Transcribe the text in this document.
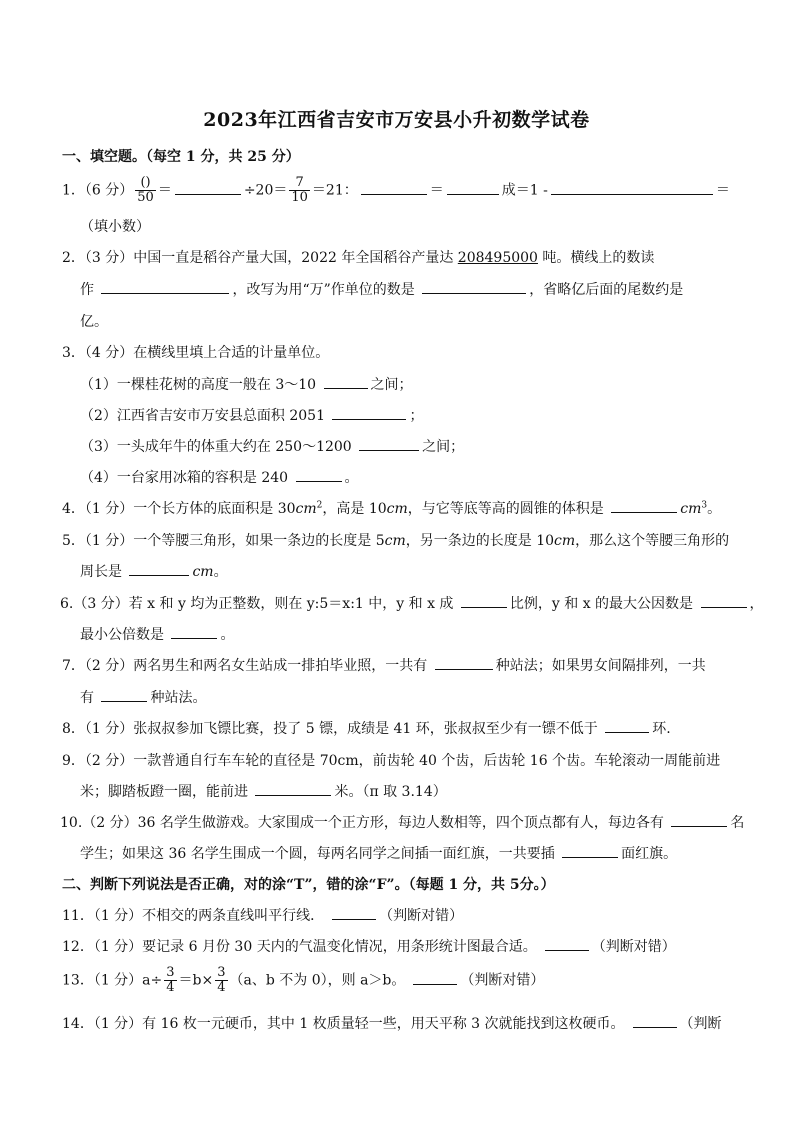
2023年江西省吉安市万安县小升初数学试卷
一、填空题。（每空 1 分，共 25 分）
1．（6 分） $\frac{()}{50}$ ＝	$\div 20= \frac{7}{10} =21$：	＝	成＝1 -	＝
（填小数）
2．（3 分）中国一直是稻谷产量大国，2022 年全国稻谷产量达 208495000 吨。横线上的数读
作	，改写为用“万”作单位的数是	，省略亿后面的尾数约是
亿。
3．（4 分）在横线里填上合适的计量单位。
（1）一棵桂花树的高度一般在 3～10	之间；
（2）江西省吉安市万安县总面积 2051	；
（3）一头成年牛的体重大约在 250～1200	之间；
（4）一台家用冰箱的容积是 240	。
4．（1 分）一个长方体的底面积是 $30cm^2$，高是 10cm，与它等底等高的圆锥的体积是	$cm^3$。
5．（1 分）一个等腰三角形，如果一条边的长度是 5cm，另一条边的长度是 10cm，那么这个等腰三角形的
周长是	cm。
6.（3 分）若 x 和 y 均为正整数，则在 y:5＝x:1 中，y 和 x 成	比例，y 和 x 的最大公因数是	，
最小公倍数是	。
7．（2 分）两名男生和两名女生站成一排拍毕业照，一共有	种站法；如果男女间隔排列，一共
有	种站法。
8．（1 分）张叔叔参加飞镖比赛，投了 5 镖，成绩是 41 环，张叔叔至少有一镖不低于	环.
9．（2 分）一款普通自行车车轮的直径是 70cm，前齿轮 40 个齿，后齿轮 16 个齿。车轮滚动一周能前进
米；脚踏板蹬一圈，能前进	米。（π 取 3.14）
10.（2 分）36 名学生做游戏。大家围成一个正方形，每边人数相等，四个顶点都有人，每边各有	名
学生；如果这 36 名学生围成一个圆，每两名同学之间插一面红旗，一共要插	面红旗。
二、判断下列说法是否正确，对的涂“T”，错的涂“F”。（每题 1 分，共 5分。）
11．（1 分）不相交的两条直线叫平行线．	（判断对错）
12．（1 分）要记录 6 月份 30 天内的气温变化情况，用条形统计图最合适。	（判断对错）
13．（1 分）$a\div \frac{3}{4} =b\times \frac{3}{4} (a$、b 不为 0），则 a＞b。	（判断对错）
14．（1 分）有 16 枚一元硬币，其中 1 枚质量轻一些，用天平称 3 次就能找到这枚硬币。	（判断
